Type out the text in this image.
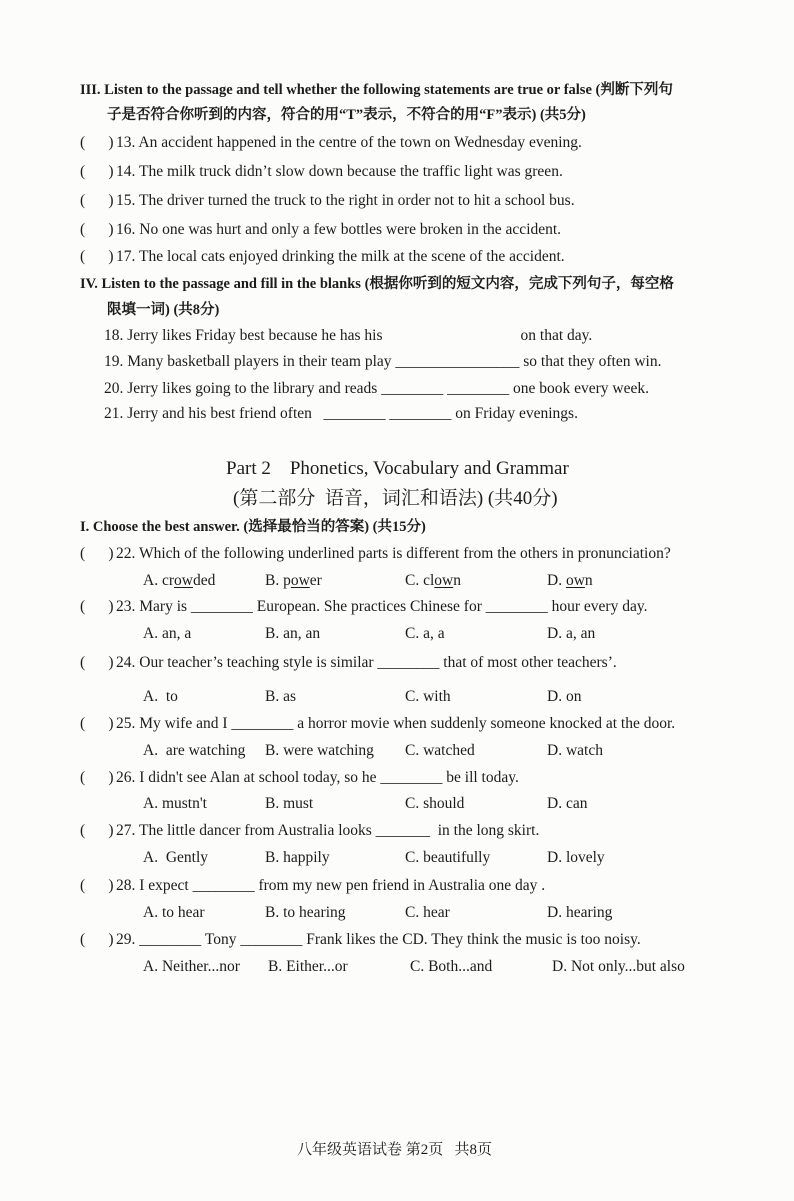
III. Listen to the passage and tell whether the following statements are true or false (判断下列句
子是否符合你听到的内容，符合的用“T”表示，不符合的用“F”表示) (共5分)
(      ) 13. An accident happened in the centre of the town on Wednesday evening.
(      ) 14. The milk truck didn’t slow down because the traffic light was green.
(      ) 15. The driver turned the truck to the right in order not to hit a school bus.
(      ) 16. No one was hurt and only a few bottles were broken in the accident.
(      ) 17. The local cats enjoyed drinking the milk at the scene of the accident.
IV. Listen to the passage and fill in the blanks (根据你听到的短文内容，完成下列句子，每空格
限填一词) (共8分)
18. Jerry likes Friday best because he has his	on that day.
19. Many basketball players in their team play ________________ so that they often win.
20. Jerry likes going to the library and reads ________ ________ one book every week.
21. Jerry and his best friend often   ________ ________ on Friday evenings.
Part 2    Phonetics, Vocabulary and Grammar
(第二部分  语音，词汇和语法) (共40分)
I. Choose the best answer. (选择最恰当的答案) (共15分)
(      ) 22. Which of the following underlined parts is different from the others in pronunciation?
A. crowded	B. power	C. clown	D. own
(      ) 23. Mary is ________ European. She practices Chinese for ________ hour every day.
A. an, a	B. an, an	C. a, a	D. a, an
(      ) 24. Our teacher’s teaching style is similar ________ that of most other teachers’.
A.  to	B. as	C. with	D. on
(      ) 25. My wife and I ________ a horror movie when suddenly someone knocked at the door.
A.  are watching B. were watching C. watched	D. watch
(      ) 26. I didn't see Alan at school today, so he ________ be ill today.
A. mustn't	B. must	C. should	D. can
(      ) 27. The little dancer from Australia looks _______  in the long skirt.
A.  Gently	B. happily	C. beautifully	D. lovely
(      ) 28. I expect ________ from my new pen friend in Australia one day .
A. to hear	B. to hearing	C. hear	D. hearing
(      ) 29. ________ Tony ________ Frank likes the CD. They think the music is too noisy.
A. Neither...nor B. Either...or	C. Both...and	D. Not only...but also
八年级英语试卷 第2页   共8页
